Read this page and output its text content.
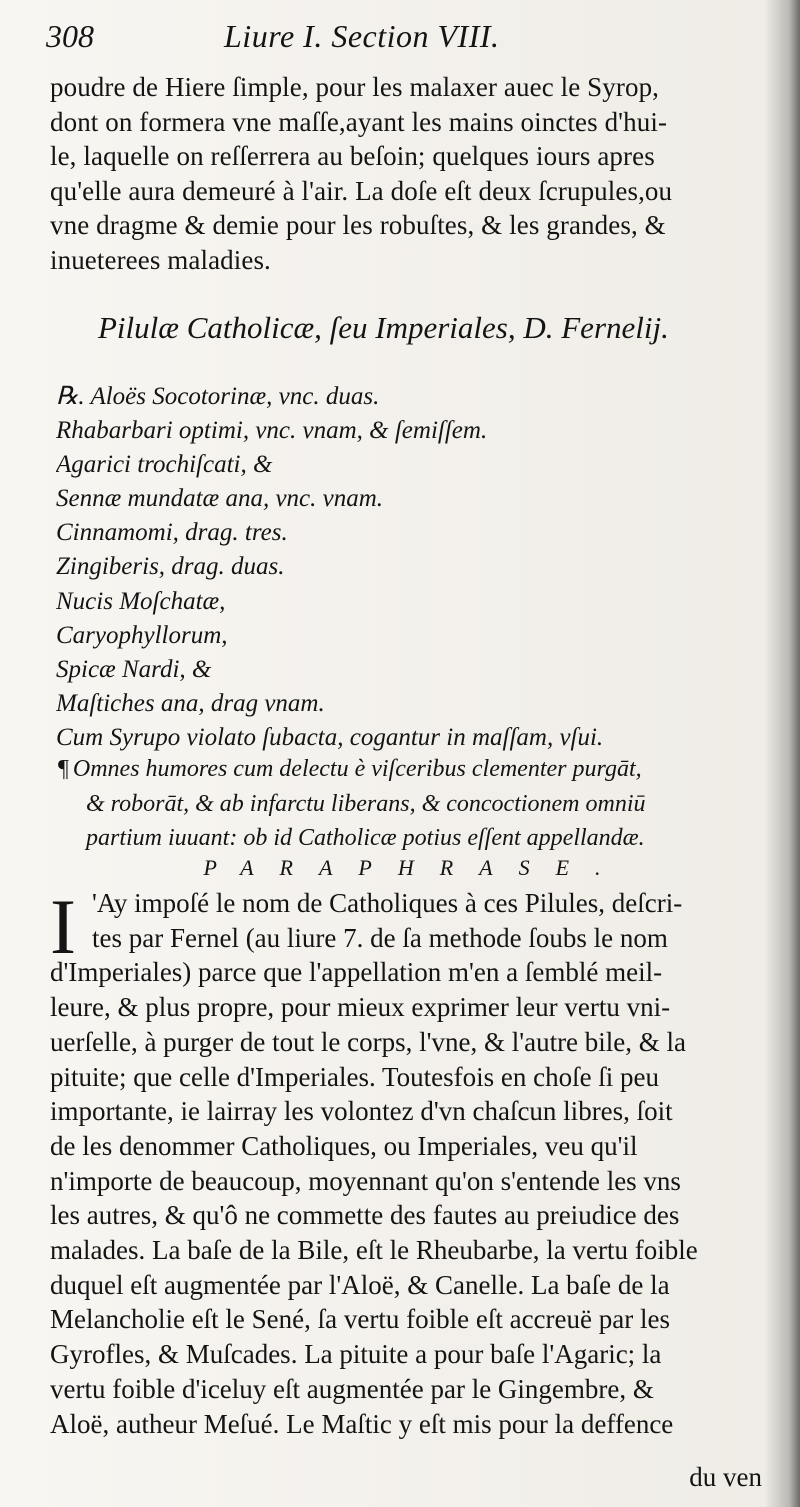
308	Liure I. Section VIII.
poudre de Hiere ſimple, pour les malaxer auec le Syrop,
dont on formera vne maſſe,ayant les mains oinctes d'hui-
le, laquelle on reſſerrera au beſoin; quelques iours apres
qu'elle aura demeuré à l'air. La doſe eſt deux ſcrupules,ou
vne dragme & demie pour les robuſtes, & les grandes, &
inueterees maladies.
Pilulæ Catholicæ, ſeu Imperiales, D. Fernelij.
℞. Aloës Socotorinæ, vnc. duas.
Rhabarbari optimi, vnc. vnam, & ſemiſſem.
Agarici trochiſcati, &
Sennæ mundatæ ana, vnc. vnam.
Cinnamomi, drag. tres.
Zingiberis, drag. duas.
Nucis Moſchatæ,
Caryophyllorum,
Spicæ Nardi, &
Maſtiches ana, drag vnam.
Cum Syrupo violato ſubacta, cogantur in maſſam, vſui.
¶ Omnes humores cum delectu è viſceribus clementer purgāt,
& roborāt, & ab infarctu liberans, & concoctionem omniū
partium iuuant: ob id Catholicæ potius eſſent appellandæ.
PARAPHRASE.
I 'Ay impoſé le nom de Catholiques à ces Pilules, deſcri-
tes par Fernel (au liure 7. de ſa methode ſoubs le nom
d'Imperiales) parce que l'appellation m'en a ſemblé meil-
leure, & plus propre, pour mieux exprimer leur vertu vni-
uerſelle, à purger de tout le corps, l'vne, & l'autre bile, & la
pituite; que celle d'Imperiales. Toutesfois en choſe ſi peu
importante, ie lairray les volontez d'vn chaſcun libres, ſoit
de les denommer Catholiques, ou Imperiales, veu qu'il
n'importe de beaucoup, moyennant qu'on s'entende les vns
les autres, & qu'ô ne commette des fautes au preiudice des
malades. La baſe de la Bile, eſt le Rheubarbe, la vertu foible
duquel eſt augmentée par l'Aloë, & Canelle. La baſe de la
Melancholie eſt le Sené, ſa vertu foible eſt accreuë par les
Gyrofles, & Muſcades. La pituite a pour baſe l'Agaric; la
vertu foible d'iceluy eſt augmentée par le Gingembre, &
Aloë, autheur Meſué. Le Maſtic y eſt mis pour la deffence
du ven
